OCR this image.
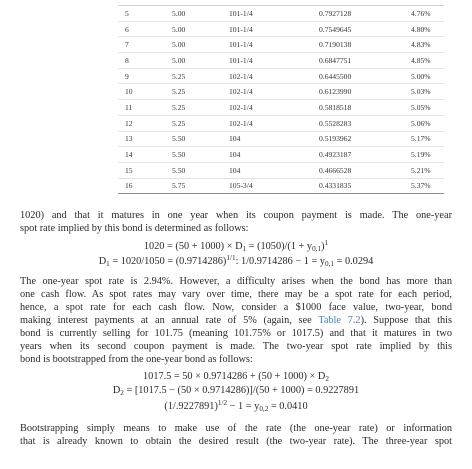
5	5.00	101-1/4	0.7927128	4.76%
6	5.00	101-1/4	0.7549645	4.80%
7	5.00	101-1/4	0.7190138	4.83%
8	5.00	101-1/4	0.6847751	4.85%
9	5.25	102-1/4	0.6445500	5.00%
10	5.25	102-1/4	0.6123990	5.03%
11	5.25	102-1/4	0.5818518	5.05%
12	5.25	102-1/4	0.5528283	5.06%
13	5.50	104	0.5193962	5.17%
14	5.50	104	0.4923187	5.19%
15	5.50	104	0.4666528	5.21%
16	5.75	105-3/4	0.4331835	5.37%
1020) and that it matures in one year when its coupon payment is made. The one-year
spot rate implied by this bond is determined as follows:
$1020 = (50 + 1000) \times D_1 = (1050)/(1 + y_{0,1})^1$
$D_1 = 1020/1050 = (0.9714286)^{1/1}$: $1/0.9714286 - 1 = y_{0,1} = 0.0294$
The one-year spot rate is 2.94%. However, a difficulty arises when the bond has more than
one cash flow. As spot rates may vary over time, there may be a spot rate for each period,
hence, a spot rate for each cash flow. Now, consider a $1000 face value, two-year, bond
making interest payments at an annual rate of 5% (again, see Table 7.2). Suppose that this
bond is currently selling for 101.75 (meaning 101.75% or 1017.5) and that it matures in two
years when its second coupon payment is made. The two-year spot rate implied by this
bond is bootstrapped from the one-year bond as follows:
$1017.5 = 50 \times 0.9714286 + (50 + 1000) \times D_2$
$D_2 = [1017.5 - (50 \times 0.9714286)]/(50 + 1000) = 0.9227891$
$(1/.9227891)^{1/2} - 1 = y_{0,2} = 0.0410$
Bootstrapping simply means to make use of the rate (the one-year rate) or information
that is already known to obtain the desired result (the two-year rate). The three-year spot
